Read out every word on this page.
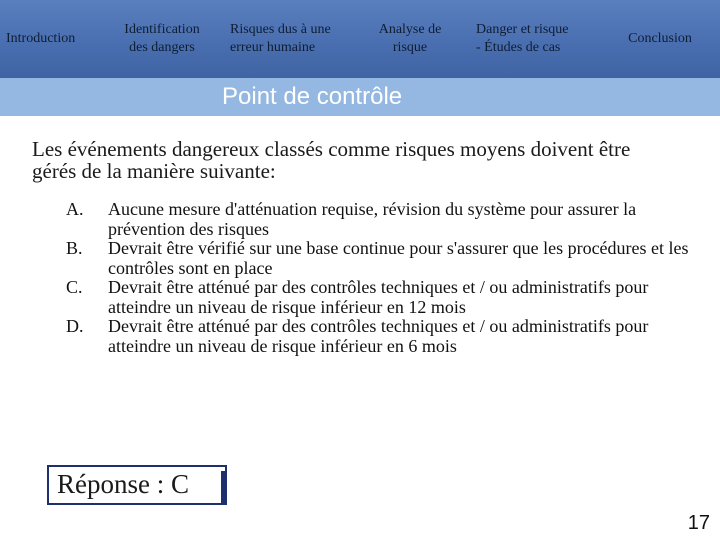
Introduction
Identification
des dangers
Risques dus à une
erreur humaine
Analyse de
risque
Danger et risque
- Études de cas
Conclusion
Point de contrôle
Les événements dangereux classés comme risques moyens doivent être gérés de la manière suivante:
A. Aucune mesure d'atténuation requise, révision du système pour assurer la prévention des risques
B. Devrait être vérifié sur une base continue pour s'assurer que les procédures et les contrôles sont en place
C. Devrait être atténué par des contrôles techniques et / ou administratifs pour atteindre un niveau de risque inférieur en 12 mois
D. Devrait être atténué par des contrôles techniques et / ou administratifs pour atteindre un niveau de risque inférieur en 6 mois
Réponse : C
17
